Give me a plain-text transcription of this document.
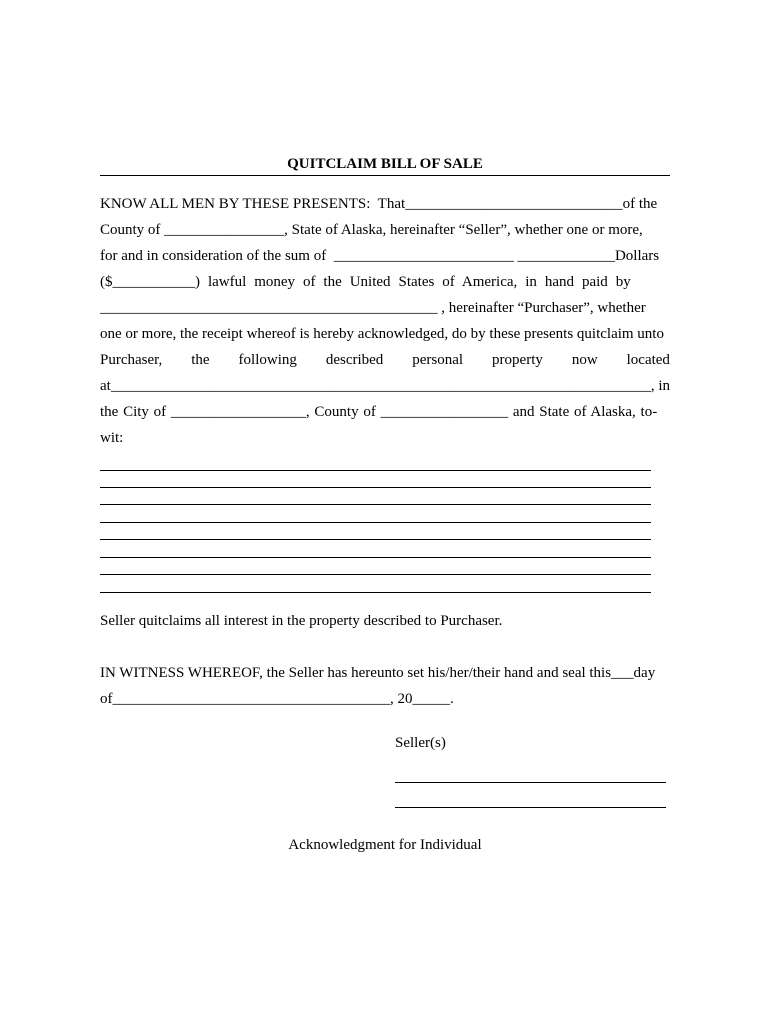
QUITCLAIM BILL OF SALE
KNOW ALL MEN BY THESE PRESENTS:  That_____________________________of the
County of ________________, State of Alaska, hereinafter “Seller”, whether one or more,
for and in consideration of the sum of  ________________________ _____________Dollars
($___________) lawful money of the United States of America, in hand paid by
_____________________________________________ , hereinafter “Purchaser”, whether
one or more, the receipt whereof is hereby acknowledged, do by these presents quitclaim unto
Purchaser, the following described personal property now located
at________________________________________________________________________, in
the City of __________________, County of _________________ and State of Alaska, to-
wit:
Seller quitclaims all interest in the property described to Purchaser.
IN WITNESS WHEREOF, the Seller has hereunto set his/her/their hand and seal this___day
of_____________________________________, 20_____.
Seller(s)
Acknowledgment for Individual
